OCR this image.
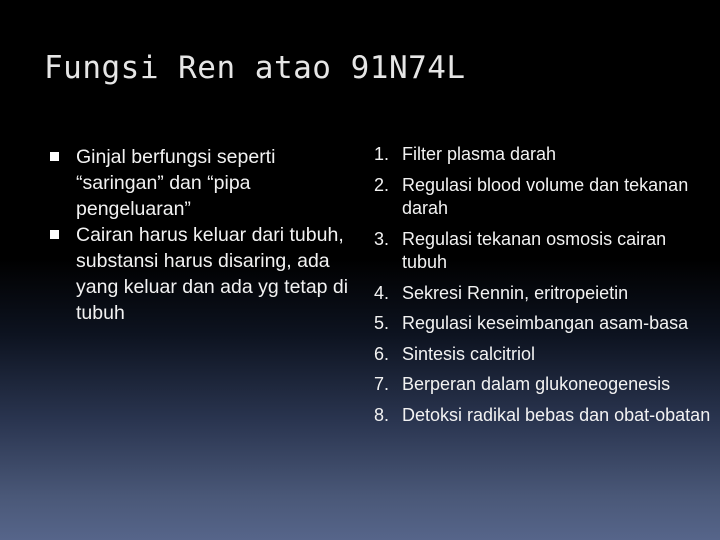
Fungsi Ren atao 91N74L
Ginjal berfungsi seperti “saringan” dan “pipa pengeluaran”
Cairan harus keluar dari tubuh, substansi harus disaring, ada yang keluar dan ada yg tetap di tubuh
1. Filter plasma darah
2. Regulasi blood volume dan tekanan darah
3. Regulasi tekanan osmosis cairan tubuh
4. Sekresi Rennin, eritropeietin
5. Regulasi keseimbangan asam-basa
6. Sintesis calcitriol
7. Berperan dalam glukoneogenesis
8. Detoksi radikal bebas dan obat-obatan
